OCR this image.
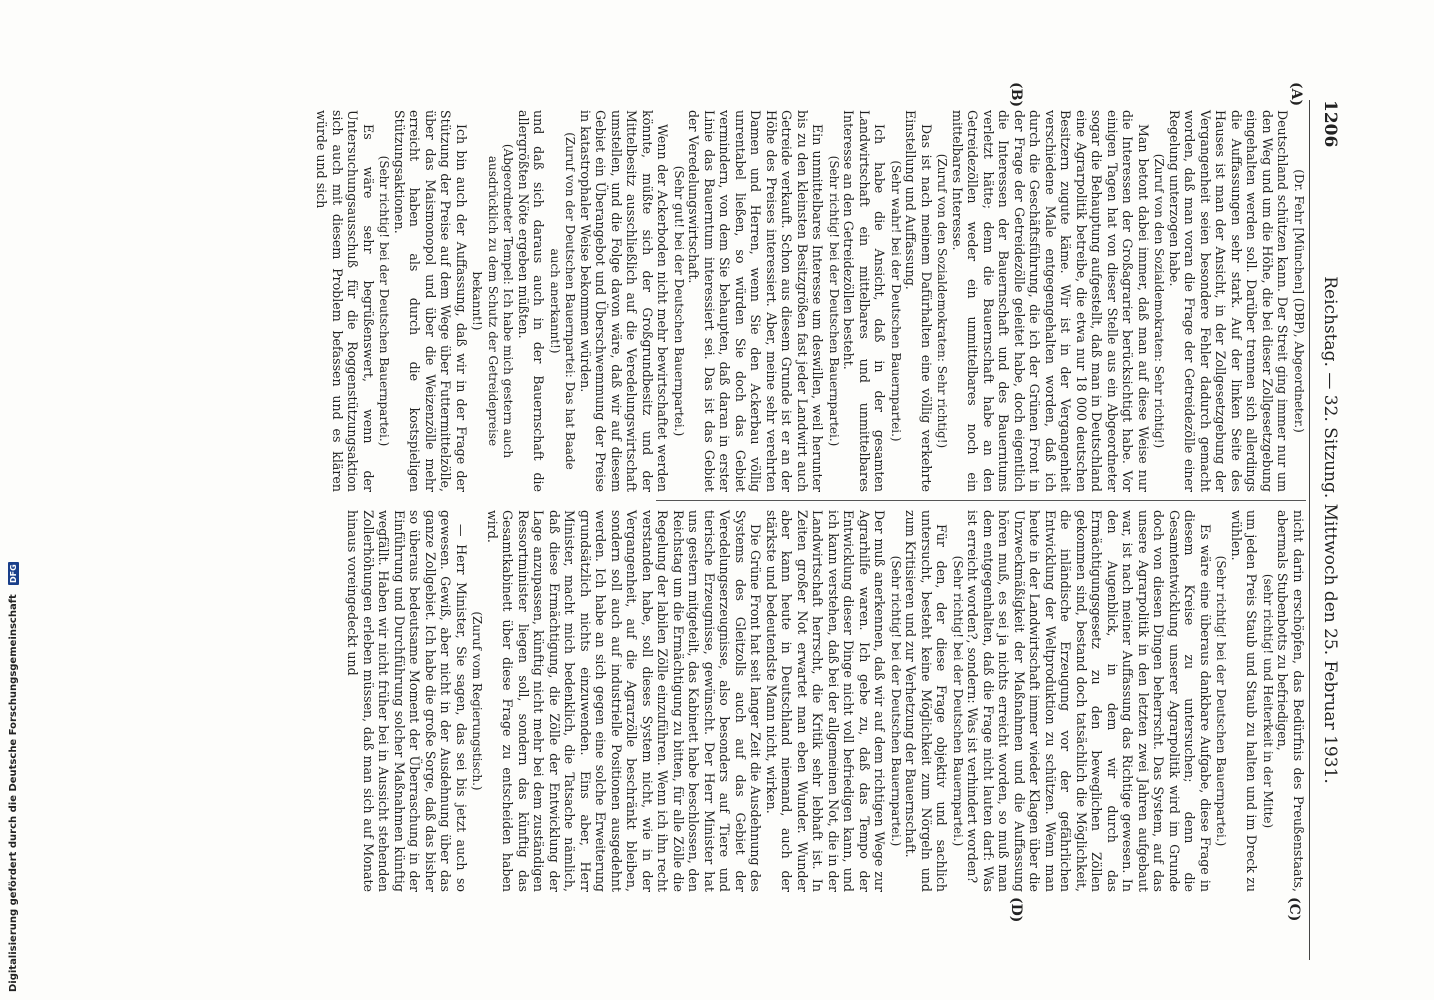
1206
Reichstag. — 32. Sitzung. Mittwoch den 25. Februar 1931.
(A)
(B)
(C)
(D)

(Dr. Fehr [München] (DBP), Abgeordneter.)

Deutschland schützen kann. Der Streit ging immer nur um den Weg und um die Höhe, die bei dieser Zollgesetzgebung eingehalten werden soll. Darüber trennen sich allerdings die Auffassungen sehr stark. Auf der linken Seite des Hauses ist man der Ansicht, in der Zollgesetzgebung der Vergangenheit seien besondere Fehler dadurch gemacht worden, daß man voran die Frage der Getreidezölle einer Regelung unterzogen habe.

(Zuruf von den Sozialdemokraten: Sehr richtig!)

Man betont dabei immer, daß man auf diese Weise nur die Interessen der Großagrarier berücksichtigt habe. Vor einigen Tagen hat von dieser Stelle aus ein Abgeordneter sogar die Behauptung aufgestellt, daß man in Deutschland eine Agrarpolitik betreibe, die etwa nur 18 000 deutschen Besitzern zugute käme. Wir ist in der Vergangenheit verschiedene Male entgegengehalten worden, daß ich durch die Geschäftsführung, die ich der Grünen Front in der Frage der Getreidezölle geleitet habe, doch eigentlich die Interessen der Bauernschaft und des Bauerntums verletzt hätte; denn die Bauernschaft habe an den Getreidezöllen weder ein unmittelbares noch ein mittelbares Interesse.

(Zuruf von den Sozialdemokraten: Sehr richtig!)

Das ist nach meinem Dafürhalten eine völlig verkehrte Einstellung und Auffassung.

(Sehr wahr! bei der Deutschen Bauernpartei.)

Ich habe die Ansicht, daß in der gesamten Landwirtschaft ein mittelbares und unmittelbares Interesse an den Getreidezöllen besteht.

(Sehr richtig! bei der Deutschen Bauernpartei.)

Ein unmittelbares Interesse um deswillen, weil herunter bis zu den kleinsten Besitzgrößen fast jeder Landwirt auch Getreide verkauft. Schon aus diesem Grunde ist er an der Höhe des Preises interessiert. Aber, meine sehr verehrten Damen und Herren, wenn Sie den Ackerbau völlig unrentabel ließen, so würden Sie doch das Gebiet vermindern, von dem Sie behaupten, daß daran in erster Linie das Bauerntum interessiert sei. Das ist das Gebiet der Veredelungswirtschaft.

(Sehr gut! bei der Deutschen Bauernpartei.)

Wenn der Ackerboden nicht mehr bewirtschaftet werden könnte, müßte sich der Großgrundbesitz und der Mittelbesitz ausschließlich auf die Veredelungswirtschaft umstellen, und die Folge davon wäre, daß wir auf diesem Gebiet ein Überangebot und Überschwemmung der Preise in katastrophaler Weise bekommen würden.

(Zuruf von der Deutschen Bauernpartei: Das hat Baade auch anerkannt!)

und daß sich daraus auch in der Bauernschaft die allergrößten Nöte ergeben müßten.

(Abgeordneter Tempel: Ich habe mich gestern auch ausdrücklich zu dem Schutz der Getreidepreise bekannt!)

Ich bin auch der Auffassung, daß wir in der Frage der Stützung der Preise auf dem Wege über Futtermittelzölle, über das Maismonopol und über die Weizenzölle mehr erreicht haben als durch die kostspieligen Stützungsaktionen.

(Sehr richtig! bei der Deutschen Bauernpartei.)

Es wäre sehr begrüßenswert, wenn der Untersuchungsausschuß für die Roggenstützungsaktion sich auch mit diesem Problem befassen und es klären würde und sich

nicht darin erschöpfen, das Bedürfnis des Preußenstaats, abermals Stubenbotts zu befriedigen,

(sehr richtig! und Heiterkeit in der Mitte)

um jeden Preis Staub und Staub zu halten und im Dreck zu wühlen.

(Sehr richtig! bei der Deutschen Bauernpartei.)

Es wäre eine überaus dankbare Aufgabe, diese Frage in diesem Kreise zu untersuchen; denn die Gesamtentwicklung unserer Agrarpolitik wird im Grunde doch von diesen Dingen beherrscht. Das System, auf das unsere Agrarpolitik in den letzten zwei Jahren aufgebaut war, ist nach meiner Auffassung das Richtige gewesen. In den Augenblick, in dem wir durch das Ermächtigungsgesetz zu den beweglichen Zöllen gekommen sind, bestand doch tatsächlich die Möglichkeit, die inländische Erzeugung vor der gefährlichen Entwicklung der Weltproduktion zu schützen. Wenn man heute in der Landwirtschaft immer wieder Klagen über die Unzweckmäßigkeit der Maßnahmen und die Auffassung hören muß, es sei ja nichts erreicht worden, so muß man dem entgegenhalten, daß die Frage nicht lauten darf: Was ist erreicht worden?, sondern: Was ist verhindert worden?

(Sehr richtig! bei der Deutschen Bauernpartei.)

Für den, der diese Frage objektiv und sachlich untersucht, besteht keine Möglichkeit zum Nörgeln und zum Kritisieren und zur Verhetzung der Bauernschaft.

(Sehr richtig! bei der Deutschen Bauernpartei.)

Der muß anerkennen, daß wir auf dem richtigen Wege zur Agrarhilfe waren. Ich gebe zu, daß das Tempo der Entwicklung dieser Dinge nicht voll befriedigen kann, und ich kann verstehen, daß bei der allgemeinen Not, die in der Landwirtschaft herrscht, die Kritik sehr lebhaft ist. In Zeiten großer Not erwartet man eben Wunder. Wunder aber kann heute in Deutschland niemand, auch der stärkste und bedeutendste Mann nicht, wirken.

Die Grüne Front hat seit langer Zeit die Ausdehnung des Systems des Gleitzolls auch auf das Gebiet der Veredelungserzeugnisse, also besonders auf Tiere und tierische Erzeugnisse, gewünscht. Der Herr Minister hat uns gestern mitgeteilt, das Kabinett habe beschlossen, den Reichstag um die Ermächtigung zu bitten, für alle Zölle die Regelung der labilen Zölle einzuführen. Wenn ich ihn recht verstanden habe, soll dieses System nicht, wie in der Vergangenheit, auf die Agrarzölle beschränkt bleiben, sondern soll auch auf industrielle Positionen ausgedehnt werden. Ich habe an sich gegen eine solche Erweiterung grundsätzlich nichts einzuwenden. Eins aber, Herr Minister, macht mich bedenklich, die Tatsache nämlich, daß diese Ermächtigung, die Zölle der Entwicklung der Lage anzupassen, künftig nicht mehr bei dem zuständigen Ressortminister liegen soll, sondern das künftig das Gesamtkabinett über diese Frage zu entscheiden haben wird.

(Zuruf vom Regierungstisch.)

— Herr Minister, Sie sagen, das sei bis jetzt auch so gewesen. Gewiß, aber nicht in der Ausdehnung über das ganze Zollgebiet. Ich habe die große Sorge, daß das bisher so überaus bedeutsame Moment der Überraschung in der Einführung und Durchführung solcher Maßnahmen künftig wegfällt. Haben wir nicht früher bei in Aussicht stehenden Zollerhöhungen erleben müssen, daß man sich auf Monate hinaus voreingedeckt und

Digitalisierung gefördert durch die Deutsche Forschungsgemeinschaft DFG
